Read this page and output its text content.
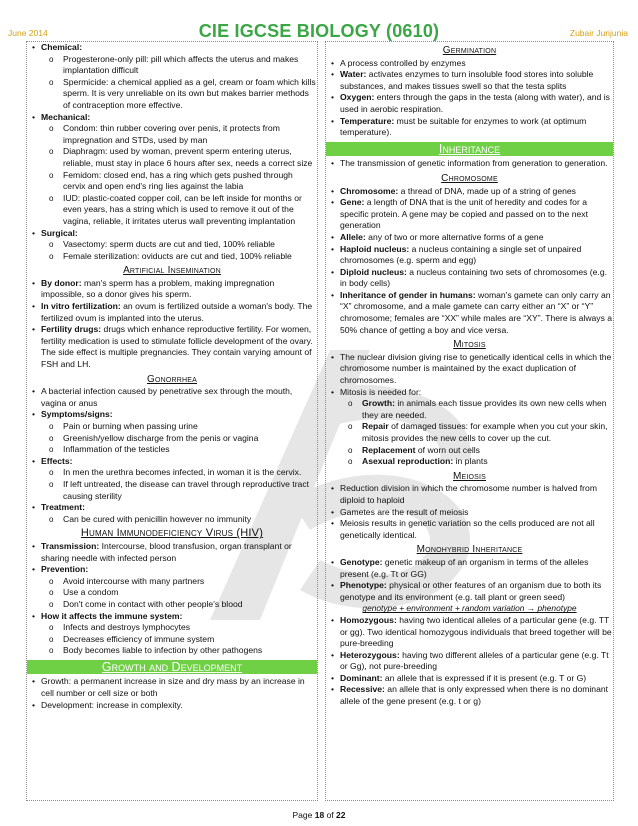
June 2014	CIE IGCSE BIOLOGY (0610)	Zubair Junjunia
• Chemical:
o Progesterone-only pill: pill which affects the uterus and makes implantation difficult
o Spermicide: a chemical applied as a gel, cream or foam which kills sperm. It is very unreliable on its own but makes barrier methods of contraception more effective.
• Mechanical:
o Condom: thin rubber covering over penis, it protects from impregnation and STDs, used by man
o Diaphragm: used by woman, prevent sperm entering uterus, reliable, must stay in place 6 hours after sex, needs a correct size
o Femidom: closed end, has a ring which gets pushed through cervix and open end's ring lies against the labia
o IUD: plastic-coated copper coil, can be left inside for months or even years, has a string which is used to remove it out of the vagina, reliable, it irritates uterus wall preventing implantation
• Surgical:
o Vasectomy: sperm ducts are cut and tied, 100% reliable
o Female sterilization: oviducts are cut and tied, 100% reliable
Artificial Insemination
• By donor: man's sperm has a problem, making impregnation impossible, so a donor gives his sperm.
• In vitro fertilization: an ovum is fertilized outside a woman's body. The fertilized ovum is implanted into the uterus.
• Fertility drugs: drugs which enhance reproductive fertility. For women, fertility medication is used to stimulate follicle development of the ovary. The side effect is multiple pregnancies. They contain varying amount of FSH and LH.
Gonorrhea
• A bacterial infection caused by penetrative sex through the mouth, vagina or anus
• Symptoms/signs:
o Pain or burning when passing urine
o Greenish/yellow discharge from the penis or vagina
o Inflammation of the testicles
• Effects:
o In men the urethra becomes infected, in woman it is the cervix.
o If left untreated, the disease can travel through reproductive tract causing sterility
• Treatment:
o Can be cured with penicillin however no immunity
Human Immunodeficiency Virus (HIV)
• Transmission: Intercourse, blood transfusion, organ transplant or sharing needle with infected person
• Prevention:
o Avoid intercourse with many partners
o Use a condom
o Don't come in contact with other people's blood
• How it affects the immune system:
o Infects and destroys lymphocytes
o Decreases efficiency of immune system
o Body becomes liable to infection by other pathogens
Growth and Development
• Growth: a permanent increase in size and dry mass by an increase in cell number or cell size or both
• Development: increase in complexity.
Germination
• A process controlled by enzymes
• Water: activates enzymes to turn insoluble food stores into soluble substances, and makes tissues swell so that the testa splits
• Oxygen: enters through the gaps in the testa (along with water), and is used in aerobic respiration.
• Temperature: must be suitable for enzymes to work (at optimum temperature).
Inheritance
• The transmission of genetic information from generation to generation.
Chromosome
• Chromosome: a thread of DNA, made up of a string of genes
• Gene: a length of DNA that is the unit of heredity and codes for a specific protein. A gene may be copied and passed on to the next generation
• Allele: any of two or more alternative forms of a gene
• Haploid nucleus: a nucleus containing a single set of unpaired chromosomes (e.g. sperm and egg)
• Diploid nucleus: a nucleus containing two sets of chromosomes (e.g. in body cells)
• Inheritance of gender in humans: woman's gamete can only carry an “X” chromosome, and a male gamete can carry either an “X” or “Y” chromosome; females are “XX” while males are “XY”. There is always a 50% chance of getting a boy and vice versa.
Mitosis
• The nuclear division giving rise to genetically identical cells in which the chromosome number is maintained by the exact duplication of chromosomes.
• Mitosis is needed for:
o Growth: in animals each tissue provides its own new cells when they are needed.
o Repair of damaged tissues: for example when you cut your skin, mitosis provides the new cells to cover up the cut.
o Replacement of worn out cells
o Asexual reproduction: in plants
Meiosis
• Reduction division in which the chromosome number is halved from diploid to haploid
• Gametes are the result of meiosis
• Meiosis results in genetic variation so the cells produced are not all genetically identical.
Monohybrid Inheritance
• Genotype: genetic makeup of an organism in terms of the alleles present (e.g. Tt or GG)
• Phenotype: physical or other features of an organism due to both its genotype and its environment (e.g. tall plant or green seed)
genotype + environment + random variation → phenotype
• Homozygous: having two identical alleles of a particular gene (e.g. TT or gg). Two identical homozygous individuals that breed together will be pure-breeding
• Heterozygous: having two different alleles of a particular gene (e.g. Tt or Gg), not pure-breeding
• Dominant: an allele that is expressed if it is present (e.g. T or G)
• Recessive: an allele that is only expressed when there is no dominant allele of the gene present (e.g. t or g)
Page 18 of 22
